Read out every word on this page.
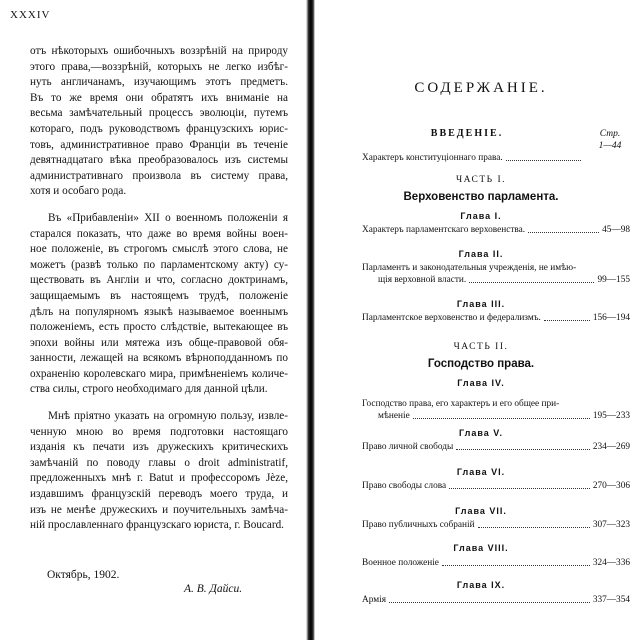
XXXIV
отъ нѣкоторыхъ ошибочныхъ воззрѣній на природу
этого права,—воззрѣній, которыхъ не легко избѣг-
нуть англичанамъ, изучающимъ этотъ предметъ.
Въ то же время они обратятъ ихъ вниманіе на
весьма замѣчательный процессъ эволюціи, путемъ
котораго, подъ руководствомъ французскихъ юрис-
товъ, административное право Франціи въ теченіе
девятнадцатаго вѣка преобразовалось изъ системы
административнаго произвола въ систему права,
хотя и особаго рода.
Въ «Прибавленіи» XII о военномъ положеніи я
старался показать, что даже во время войны воен-
ное положеніе, въ строгомъ смыслѣ этого слова, не
можетъ (развѣ только по парламентскому акту) су-
ществовать въ Англіи и что, согласно доктринамъ,
защищаемымъ въ настоящемъ трудѣ, положеніе
дѣлъ на популярномъ языкѣ называемое военнымъ
положеніемъ, есть просто слѣдствіе, вытекающее въ
эпохи войны или мятежа изъ обще-правовой обя-
занности, лежащей на всякомъ вѣрноподданномъ по
охраненію королевскаго мира, примѣненіемъ количе-
ства силы, строго необходимаго для данной цѣли.
Мнѣ пріятно указать на огромную пользу, извле-
ченную мною во время подготовки настоящаго
изданія къ печати изъ дружескихъ критическихъ
замѣчаній по поводу главы о droit administratif,
предложенныхъ мнѣ г. Batut и профессоромъ Jèze,
издавшимъ французскій переводъ моего труда, и
изъ не менѣе дружескихъ и поучительныхъ замѣча-
ній прославленнаго французскаго юриста, г. Boucard.
Октябрь, 1902.
А. В. Дайси.
СОДЕРЖАНІЕ.
ВВЕДЕНІЕ.	Стр.
1—44
Характеръ конституціоннаго права.
ЧАСТЬ I.
Верховенство парламента.
Глава I.
Характеръ парламентскаго верховенства.	45—98
Глава II.
Парламентъ и законодательныя учрежденія, не имѣю-
щія верховной власти.	99—155
Глава III.
Парламентское верховенство и федерализмъ.	156—194
ЧАСТЬ II.
Господство права.
Глава IV.
Господство права, его характеръ и его общее при-
мѣненіе	195—233
Глава V.
Право личной свободы	234—269
Глава VI.
Право свободы слова	270—306
Глава VII.
Право публичныхъ собраній	307—323
Глава VIII.
Военное положеніе	324—336
Глава IX.
Армія	337—354
